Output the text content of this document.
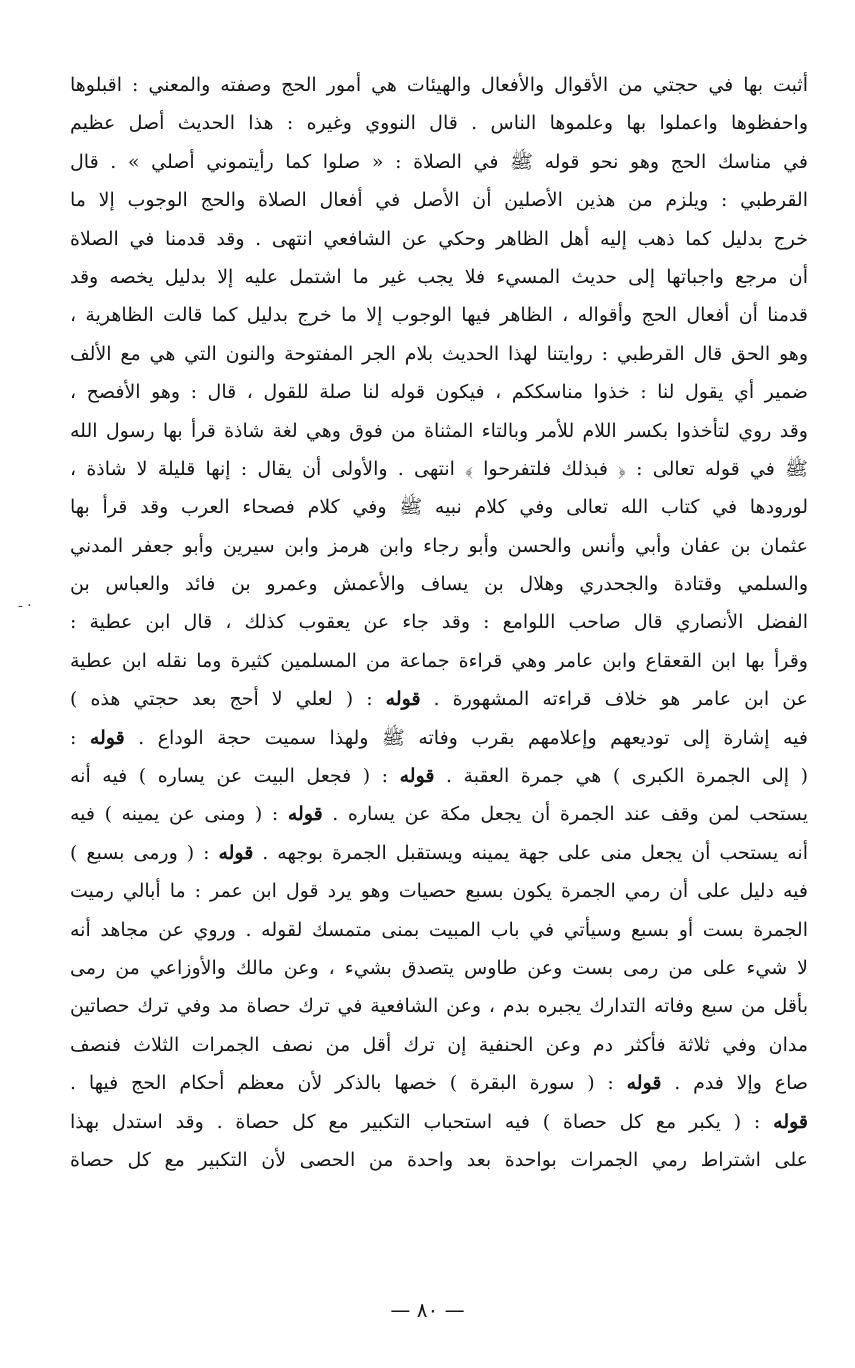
أثبت بها في حجتي من الأقوال والأفعال والهيئات هي أمور الحج وصفته والمعني : اقبلوها
واحفظوها واعملوا بها وعلموها الناس . قال النووي وغيره : هذا الحديث أصل عظيم
في مناسك الحج وهو نحو قوله ﷺ في الصلاة : « صلوا كما رأيتموني أصلي » . قال
القرطبي : ويلزم من هذين الأصلين أن الأصل في أفعال الصلاة والحج الوجوب إلا ما
خرج بدليل كما ذهب إليه أهل الظاهر وحكي عن الشافعي انتهى . وقد قدمنا في الصلاة
أن مرجع واجباتها إلى حديث المسيء فلا يجب غير ما اشتمل عليه إلا بدليل يخصه وقد
قدمنا أن أفعال الحج وأقواله ، الظاهر فيها الوجوب إلا ما خرج بدليل كما قالت الظاهرية ،
وهو الحق قال القرطبي : روايتنا لهذا الحديث بلام الجر المفتوحة والنون التي هي مع الألف
ضمير أي يقول لنا : خذوا مناسككم ، فيكون قوله لنا صلة للقول ، قال : وهو الأفصح ،
وقد روي لتأخذوا بكسر اللام للأمر وبالتاء المثناة من فوق وهي لغة شاذة قرأ بها رسول الله
ﷺ في قوله تعالى : ﴿ فبذلك فلتفرحوا ﴾ انتهى . والأولى أن يقال : إنها قليلة لا شاذة ،
لورودها في كتاب الله تعالى وفي كلام نبيه ﷺ وفي كلام فصحاء العرب وقد قرأ بها
عثمان بن عفان وأبي وأنس والحسن وأبو رجاء وابن هرمز وابن سيرين وأبو جعفر المدني
والسلمي وقتادة والجحدري وهلال بن يساف والأعمش وعمرو بن فائد والعباس بن
الفضل الأنصاري قال صاحب اللوامع : وقد جاء عن يعقوب كذلك ، قال ابن عطية :
وقرأ بها ابن القعقاع وابن عامر وهي قراءة جماعة من المسلمين كثيرة وما نقله ابن عطية
عن ابن عامر هو خلاف قراءته المشهورة . قوله : ( لعلي لا أحج بعد حجتي هذه )
فيه إشارة إلى توديعهم وإعلامهم بقرب وفاته ﷺ ولهذا سميت حجة الوداع . قوله :
( إلى الجمرة الكبرى ) هي جمرة العقبة . قوله : ( فجعل البيت عن يساره ) فيه أنه
يستحب لمن وقف عند الجمرة أن يجعل مكة عن يساره . قوله : ( ومنى عن يمينه ) فيه
أنه يستحب أن يجعل منى على جهة يمينه ويستقبل الجمرة بوجهه . قوله : ( ورمى بسبع )
فيه دليل على أن رمي الجمرة يكون بسبع حصيات وهو يرد قول ابن عمر : ما أبالي رميت
الجمرة بست أو بسبع وسيأتي في باب المبيت بمنى متمسك لقوله . وروي عن مجاهد أنه
لا شيء على من رمى بست وعن طاوس يتصدق بشيء ، وعن مالك والأوزاعي من رمى
بأقل من سبع وفاته التدارك يجبره بدم ، وعن الشافعية في ترك حصاة مد وفي ترك حصاتين
مدان وفي ثلاثة فأكثر دم وعن الحنفية إن ترك أقل من نصف الجمرات الثلاث فنصف
صاع وإلا فدم . قوله : ( سورة البقرة ) خصها بالذكر لأن معظم أحكام الحج فيها .
قوله : ( يكبر مع كل حصاة ) فيه استحباب التكبير مع كل حصاة . وقد استدل بهذا
على اشتراط رمي الجمرات بواحدة بعد واحدة من الحصى لأن التكبير مع كل حصاة
- ·
— ٨٠ —
